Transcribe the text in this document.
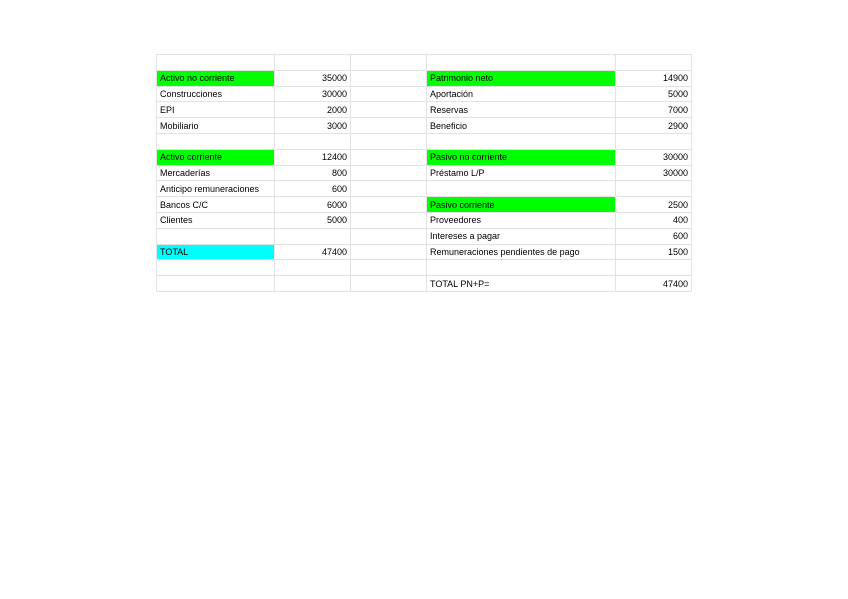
Activo no corriente	35000		Patrimonio neto	14900
Construcciones	30000		Aportación	5000
EPI	2000		Reservas	7000
Mobiliario	3000		Beneficio	2900

Activo corriente	12400		Pasivo no corriente	30000
Mercaderías	800		Préstamo L/P	30000
Anticipo remuneraciones	600			
Bancos C/C	6000		Pasivo corriente	2500
Clientes	5000		Proveedores	400
			Intereses a pagar	600
TOTAL	47400		Remuneraciones pendientes de pago	1500

			TOTAL PN+P=	47400
